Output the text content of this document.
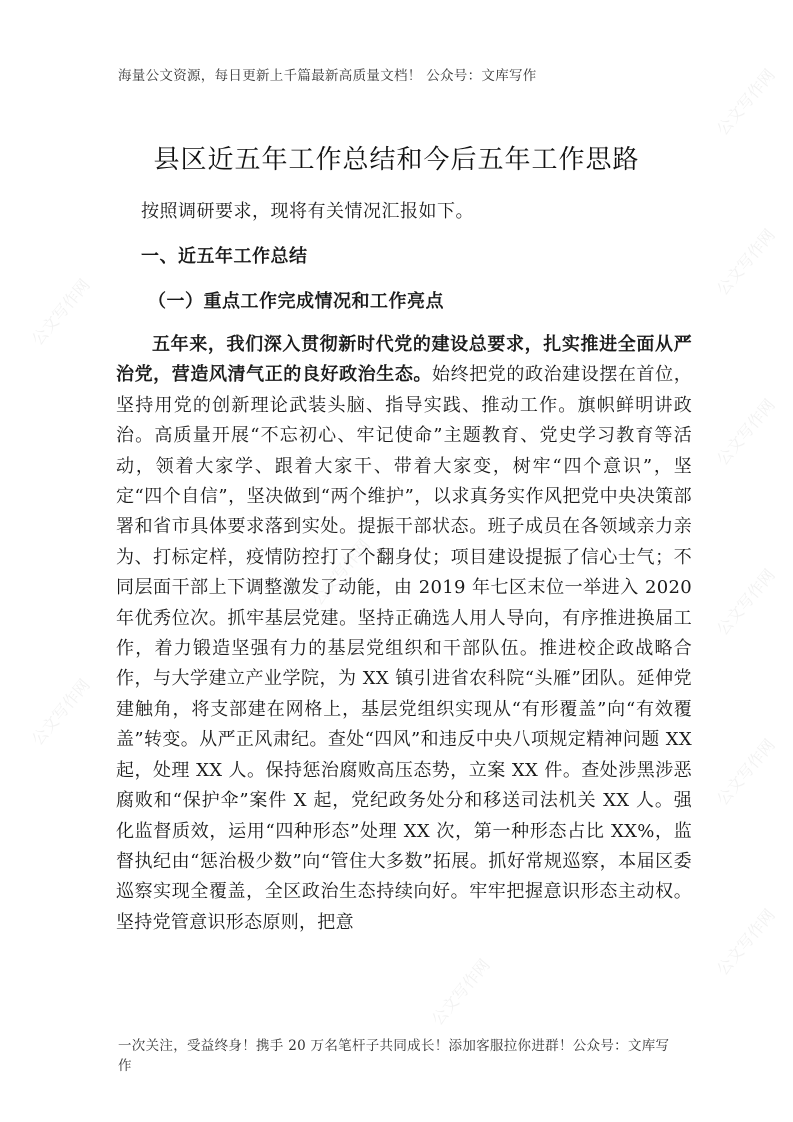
公文写作网
公文写作网
公文写作网
公文写作网
公文写作网
公文写作网
公文写作网
公文写作网
公文写作网
公文写作网
海量公文资源，每日更新上千篇最新高质量文档！ 公众号：文库写作
县区近五年工作总结和今后五年工作思路
按照调研要求，现将有关情况汇报如下。
一、近五年工作总结
（一）重点工作完成情况和工作亮点

五年来，我们深入贯彻新时代党的建设总要求，扎实推进全面从严治党，营造风清气正的良好政治生态。始终把党的政治建设摆在首位，坚持用党的创新理论武装头脑、指导实践、推动工作。旗帜鲜明讲政治。高质量开展“不忘初心、牢记使命”主题教育、党史学习教育等活动，领着大家学、跟着大家干、带着大家变，树牢“四个意识”，坚定“四个自信”，坚决做到“两个维护”，以求真务实作风把党中央决策部署和省市具体要求落到实处。提振干部状态。班子成员在各领域亲力亲为、打标定样，疫情防控打了个翻身仗；项目建设提振了信心士气；不同层面干部上下调整激发了动能，由 2019 年七区末位一举进入 2020 年优秀位次。抓牢基层党建。坚持正确选人用人导向，有序推进换届工作，着力锻造坚强有力的基层党组织和干部队伍。推进校企政战略合作，与大学建立产业学院，为 XX 镇引进省农科院“头雁”团队。延伸党建触角，将支部建在网格上，基层党组织实现从“有形覆盖”向“有效覆盖”转变。从严正风肃纪。查处“四风”和违反中央八项规定精神问题 XX 起，处理 XX 人。保持惩治腐败高压态势，立案 XX 件。查处涉黑涉恶腐败和“保护伞”案件 X 起，党纪政务处分和移送司法机关 XX 人。强化监督质效，运用“四种形态”处理 XX 次，第一种形态占比 XX%，监督执纪由“惩治极少数”向“管住大多数”拓展。抓好常规巡察，本届区委巡察实现全覆盖，全区政治生态持续向好。牢牢把握意识形态主动权。坚持党管意识形态原则，把意

一次关注，受益终身！携手 20 万名笔杆子共同成长！添加客服拉你进群！公众号：文库写作
